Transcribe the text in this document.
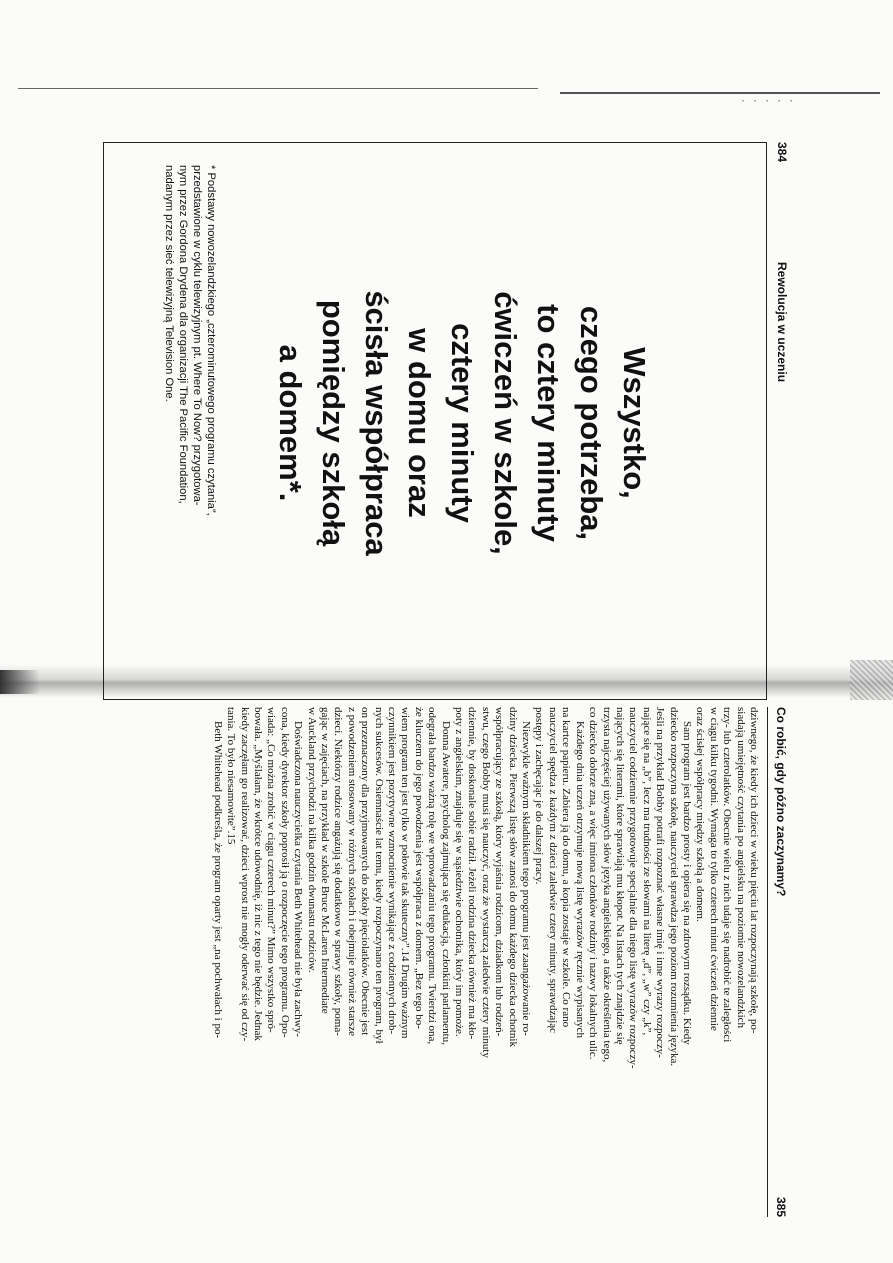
· · · · ·
384
Rewolucja w uczeniu
Wszystko,
czego potrzeba,
to cztery minuty
ćwiczeń w szkole,
cztery minuty
w domu oraz
ścisła współpraca
pomiędzy szkołą
a domem*.
* Podstawy nowozelandzkiego „czterominutowego programu czytania”,
przedstawione w cyklu telewizyjnym pt. Where To Now? przygotowa-
nym przez Gordona Drydena dla organizacji The Pacific Foundation,
nadanym przez sieć telewizyjną Television One.
Co robić, gdy późno zaczynamy?
385
dziwnego, że kiedy ich dzieci w wieku pięciu lat rozpoczynają szkołę, po-
siadają umiejętność czytania po angielsku na poziomie nowozelandzkich
trzy- lub czterolatków. Obecnie wielu z nich udaje się nadrobić te zaległości
w ciągu kilku tygodni. Wymaga to tylko czterech minut ćwiczeń dziennie
oraz ścisłej współpracy między szkołą a domem.
Sam program jest bardzo prosty i opiera się na zdrowym rozsądku. Kiedy
dziecko rozpoczyna szkołę, nauczyciel sprawdza jego poziom rozumienia języka.
Jeśli na przykład Bobby potrafi rozpoznać własne imię i inne wyrazy rozpoczy-
nające się na „b”, lecz ma trudności ze słowami na literę „d”, „w” czy „k”,
nauczyciel codziennie przygotowuje specjalnie dla niego listę wyrazów rozpoczy-
nających się literami, które sprawiają mu kłopot. Na listach tych znajdzie się
trzysta najczęściej używanych słów języka angielskiego, a także określenia tego,
co dziecko dobrze zna, a więc imiona członków rodziny i nazwy lokalnych ulic.
Każdego dnia uczeń otrzymuje nową listę wyrazów ręcznie wypisanych
na kartce papieru. Zabiera ją do domu, a kopia zostaje w szkole. Co rano
nauczyciel spędza z każdym z dzieci zaledwie cztery minuty, sprawdzając
postępy i zachęcając je do dalszej pracy.
Niezwykle ważnym składnikiem tego programu jest zaangażowanie ro-
dziny dziecka. Pierwszą listę słów zanosi do domu każdego dziecka ochotnik
współpracujący ze szkołą, który wyjaśnia rodzicom, dziadkom lub rodzeń-
stwu, czego Bobby musi się nauczyć, oraz że wystarczą zaledwie cztery minuty
dziennie, by doskonale sobie radził. Jeżeli rodzina dziecka również ma kło-
poty z angielskim, znajduje się w sąsiedztwie ochotnika, który im pomoże.
Donna Awatere, psycholog zajmująca się edukacją, członkini parlamentu,
odegrała bardzo ważną rolę we wprowadzaniu tego programu. Twierdzi ona,
że kluczem do jego powodzenia jest współpraca z domem. „Bez tego bo-
wiem program ten jest tylko w połowie tak skuteczny”.14 Drugim ważnym
czynnikiem jest pozytywne wzmocnienie wynikające z codziennych drob-
nych sukcesów. Osiemnaście lat temu, kiedy rozpoczynano ten program, był
on przeznaczony dla przyjmowanych do szkoły pięciolatków. Obecnie jest
z powodzeniem stosowany w różnych szkołach i obejmuje również starsze
dzieci. Niektórzy rodzice angażują się dodatkowo w sprawy szkoły, poma-
gając w zajęciach, na przykład w szkole Bruce McLaren Intermediate
w Auckland przychodzi na kilka godzin dwunastu rodziców.
Doświadczona nauczycielka czytania Beth Whitehead nie była zachwy-
cona, kiedy dyrektor szkoły poprosił ją o rozpoczęcie tego programu. Opo-
wiada: „Co można zrobić w ciągu czterech minut?” Mimo wszystko spró-
bowała. „Myślałam, że wkrótce udowodnię, iż nic z tego nie będzie. Jednak
kiedy zaczęłam go realizować, dzieci wprost nie mogły oderwać się od czy-
tania. To było niesamowite”.15
Beth Whitehead podkreśla, że program oparty jest „na pochwałach i po-
